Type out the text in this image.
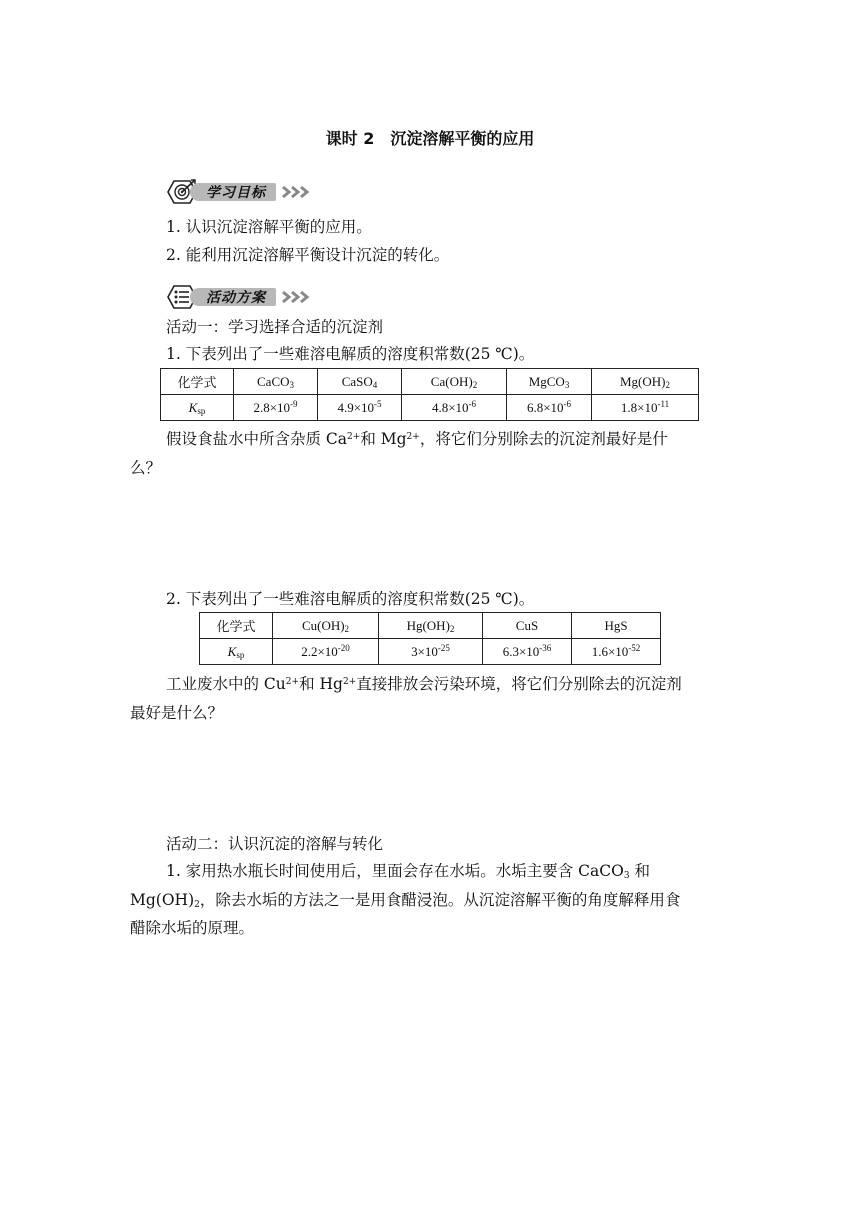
课时 2　沉淀溶解平衡的应用
学习目标
1. 认识沉淀溶解平衡的应用。
2. 能利用沉淀溶解平衡设计沉淀的转化。
活动方案
活动一：学习选择合适的沉淀剂
1. 下表列出了一些难溶电解质的溶度积常数(25 ℃)。
化学式	CaCO$_3$	CaSO$_4$	$Ca(OH)_2$	MgCO$_3$	$Mg(OH)_2$
$K_{sp}$	$2.8\times 10^{-9}$	$4.9\times 10^{-5}$	$4.8\times 10^{-6}$	$6.8\times 10^{-6}$	$1.8\times 10^{-11}$
假设食盐水中所含杂质 $Ca^{2+}$和 $Mg^{2+}$，将它们分别除去的沉淀剂最好是什
么？
2. 下表列出了一些难溶电解质的溶度积常数(25 ℃)。
化学式	$Cu(OH)_2$	$Hg(OH)_2$	CuS	HgS
$K_{sp}$	$2.2\times 10^{-20}$	$3\times 10^{-25}$	$6.3\times 10^{-36}$	$1.6\times 10^{-52}$
工业废水中的 $Cu^{2+}$和 $Hg^{2+}$直接排放会污染环境，将它们分别除去的沉淀剂
最好是什么？
活动二：认识沉淀的溶解与转化
1. 家用热水瓶长时间使用后，里面会存在水垢。水垢主要含 CaCO$_3$ 和
$Mg(OH)_2$，除去水垢的方法之一是用食醋浸泡。从沉淀溶解平衡的角度解释用食
醋除水垢的原理。
